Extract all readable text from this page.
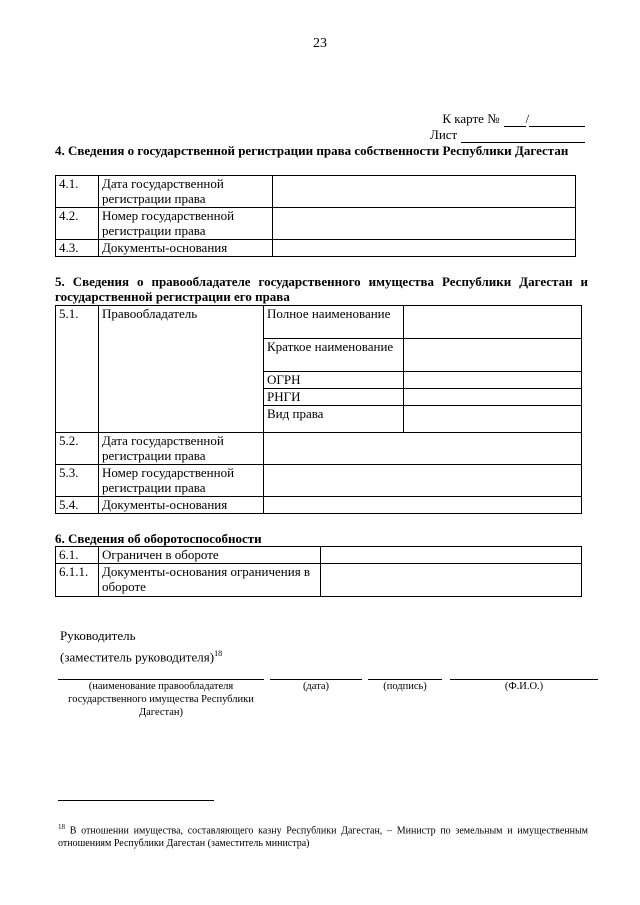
23
К карте № /
Лист
4. Сведения о государственной регистрации права собственности Республики Дагестан
4.1.	Дата государственной регистрации права	
4.2.	Номер государственной регистрации права	
4.3.	Документы-основания	
5. Сведения о правообладателе государственного имущества Республики Дагестан и государственной регистрации его права
5.1.	Правообладатель	Полное наименование	
		Краткое наименование	
		ОГРН	
		РНГИ	
		Вид права	
5.2.	Дата государственной регистрации права		
5.3.	Номер государственной регистрации права		
5.4.	Документы-основания		
6. Сведения об оборотоспособности
6.1.	Ограничен в обороте	
6.1.1.	Документы-основания ограничения в обороте	
Руководитель
(заместитель руководителя)$^{18}$
(наименование правообладателя государственного имущества Республики Дагестан)
(дата)	(подпись)	(Ф.И.О.)
$^{18}$ В отношении имущества, составляющего казну Республики Дагестан, – Министр по земельным и имущественным отношениям Республики Дагестан (заместитель министра)
